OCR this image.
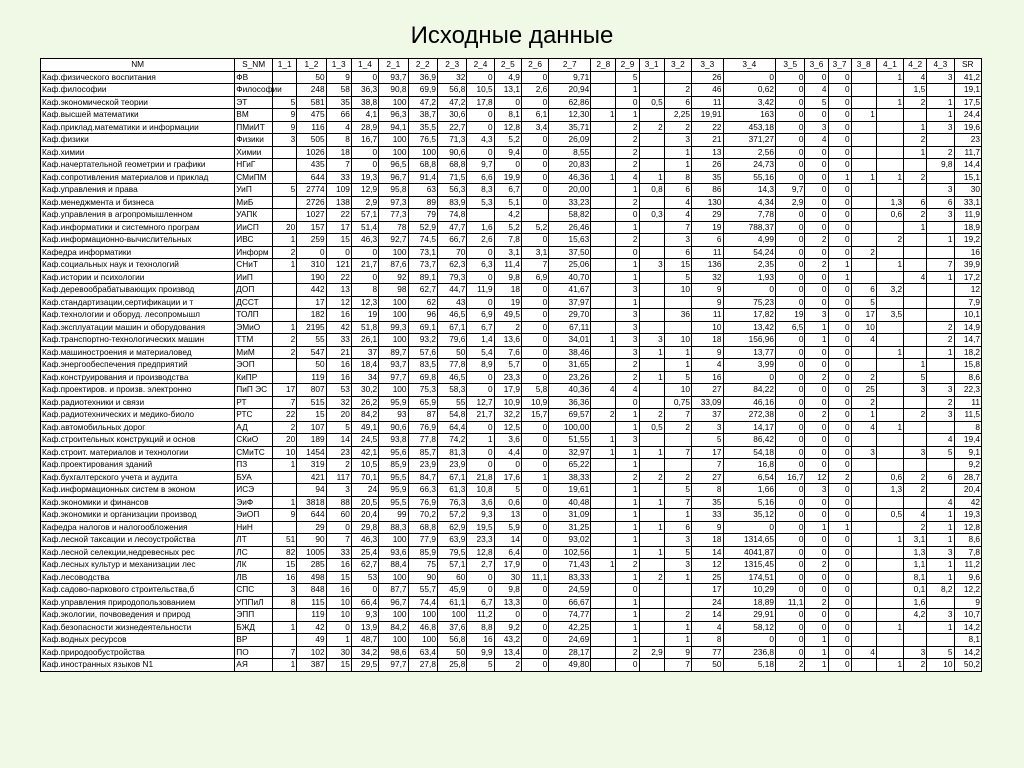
Исходные данные
NM	S_NM	1_1	1_2	1_3	1_4	2_1	2_2	2_3	2_4	2_5	2_6	2_7	2_8	2_9	3_1	3_2	3_3	3_4	3_5	3_6	3_7	3_8	4_1	4_2	4_3	SR
Каф.физического воспитания	ФВ		50	9	0	93,7	36,9	32	0	4,9	0	9,71		5			26	0	0	0	0		1	4	3	41,2
Каф.философии	Философии		248	58	36,3	90,8	69,9	56,8	10,5	13,1	2,6	20,94		1		2	46	0,62	0	4	0			1,5		19,1
Каф.экономической теории	ЭТ	5	581	35	38,8	100	47,2	47,2	17,8	0	0	62,86		0	0,5	6	11	3,42	0	5	0		1	2	1	17,5
Каф.высшей математики	ВМ	9	475	66	4,1	96,3	38,7	30,6	0	8,1	6,1	12,30	1	1		2,25	19,91	163	0	0	0	1			1	24,4
Каф.приклад.математики и информации	ПМиИТ	9	116	4	28,9	94,1	35,5	22,7	0	12,8	3,4	35,71		2	2	2	22	453,18	0	3	0			1	3	19,6
Каф.физики	Физики	3	505	8	16,7	100	76,5	71,3	4,3	5,2	0	26,09		2		3	21	371,27	0	4	0			2		23
Каф.химии	Химии		1026	18	0	100	100	90,6	0	9,4	0	8,55		2		1	13	2,56	0	0	0			1	2	11,7
Каф.начертательной геометрии и графики	НГиГ		435	7	0	96,5	68,8	68,8	9,7	0	0	20,83		2		1	26	24,73	0	0	0				9,8	14,4
Каф.сопротивления материалов и приклад	СМиПМ		644	33	19,3	96,7	91,4	71,5	6,6	19,9	0	46,36	1	4	1	8	35	55,16	0	0	1	1	1	2		15,1
Каф.управления и права	УиП	5	2774	109	12,9	95,8	63	56,3	8,3	6,7	0	20,00		1	0,8	6	86	14,3	9,7	0	0				3	30
Каф.менеджмента и бизнеса	МиБ		2726	138	2,9	97,3	89	83,9	5,3	5,1	0	33,23		2		4	130	4,34	2,9	0	0		1,3	6	6	33,1
Каф.управления в агропромышленном	УАПК		1027	22	57,1	77,3	79	74,8		4,2		58,82		0	0,3	4	29	7,78	0	0	0		0,6	2	3	11,9
Каф.информатики и системного програм	ИиСП	20	157	17	51,4	78	52,9	47,7	1,6	5,2	5,2	26,46		1		7	19	788,37	0	0	0			1		18,9
Каф.информационно-вычислительных	ИВС	1	259	15	46,3	92,7	74,5	66,7	2,6	7,8	0	15,63		2		3	6	4,99	0	2	0		2		1	19,2
Кафедра информатики	Информ	2	0	0	0	100	73,1	70	0	3,1	3,1	37,50		0		6	11	54,24	0	0	0	2				16
Каф.социальных наук и технологий	СНиТ	1	310	121	21,7	87,6	73,7	62,3	6,3	11,4	7	25,06		1	3	15	136	2,35	0	2	1		1		7	39,9
Каф.истории и психологии	ИиП		190	22	0	92	89,1	79,3	0	9,8	6,9	40,70		1		5	32	1,93	0	0	1			4	1	17,2
Каф.деревообрабатывающих производ	ДОП		442	13	8	98	62,7	44,7	11,9	18	0	41,67		3		10	9	0	0	0	0	6	3,2			12
Каф.стандартизации,сертификации и т	ДССТ		17	12	12,3	100	62	43	0	19	0	37,97		1			9	75,23	0	0	0	5				7,9
Каф.технологии и оборуд. лесопромышл	ТОЛП		182	16	19	100	96	46,5	6,9	49,5	0	29,70		3		36	11	17,82	19	3	0	17	3,5			10,1
Каф.эксплуатации машин и оборудования	ЭМиО	1	2195	42	51,8	99,3	69,1	67,1	6,7	2	0	67,11		3			10	13,42	6,5	1	0	10			2	14,9
Каф.транспортно-технологических машин	ТТМ	2	55	33	26,1	100	93,2	79,6	1,4	13,6	0	34,01	1	3	3	10	18	156,96	0	1	0	4			2	14,7
Каф.машиностроения и материаловед	МиМ	2	547	21	37	89,7	57,6	50	5,4	7,6	0	38,46		3	1	1	9	13,77	0	0	0		1		1	18,2
Каф.энергообеспечения предприятий	ЭОП		50	16	18,4	93,7	83,5	77,8	8,9	5,7	0	31,65		2		1	4	3,99	0	0	0			1		15,8
Каф.конструирования и производства	КиПР		119	16	34	97,7	69,8	46,5	0	23,3	0	23,26		2	1	5	16	0	0	2	0	2		5		8,6
Каф.проектиров. и произв. электронно	ПиП ЭС	17	807	53	30,2	100	75,3	58,3	0	17,9	5,8	40,36	4	4		10	27	84,22	0	0	0	25		3	3	22,3
Каф.радиотехники и связи	РТ	7	515	32	26,2	95,9	65,9	55	12,7	10,9	10,9	36,36		0		0,75	33,09	46,16	0	0	0	2			2	11
Каф.радиотехнических и медико-биоло	РТС	22	15	20	84,2	93	87	54,8	21,7	32,2	15,7	69,57	2	1	2	7	37	272,38	0	2	0	1		2	3	11,5
Каф.автомобильных дорог	АД	2	107	5	49,1	90,6	76,9	64,4	0	12,5	0	100,00		1	0,5	2	3	14,17	0	0	0	4	1			8
Каф.строительных конструкций и основ	СКиО	20	189	14	24,5	93,8	77,8	74,2	1	3,6	0	51,55	1	3			5	86,42	0	0	0				4	19,4
Каф.строит. материалов и технологии	СМиТС	10	1454	23	42,1	95,6	85,7	81,3	0	4,4	0	32,97	1	1	1	7	17	54,18	0	0	0	3		3	5	9,1
Каф.проектирования зданий	ПЗ	1	319	2	10,5	85,9	23,9	23,9	0	0	0	65,22		1			7	16,8	0	0	0					9,2
Каф.бухгалтерского учета и аудита	БУА		421	117	70,1	95,5	84,7	67,1	21,8	17,6	1	38,33		2	2	2	27	6,54	16,7	12	2		0,6	2	6	28,7
Каф.информационных систем в эконом	ИСЭ		94	3	24	95,9	66,3	61,3	10,8	5	0	19,61		1		5	8	1,66	0	3	0		1,3	2		20,4
Каф.экономики и финансов	ЭиФ	1	3818	88	20,5	95,5	76,9	76,3	3,6	0,6	0	40,48		1	1	7	35	5,16	0	0	0				4	42
Каф.экономики и организации производ	ЭиОП	9	644	60	20,4	99	70,2	57,2	9,3	13	0	31,09		1		1	33	35,12	0	0	0		0,5	4	1	19,3
Кафедра налогов и налогообложения	НиН		29	0	29,8	88,3	68,8	62,9	19,5	5,9	0	31,25		1	1	6	9	0	0	1	1			2	1	12,8
Каф.лесной таксации и лесоустройства	ЛТ	51	90	7	46,3	100	77,9	63,9	23,3	14	0	93,02		1		3	18	1314,65	0	0	0		1	3,1	1	8,6
Каф.лесной селекции,недревесных рес	ЛС	82	1005	33	25,4	93,6	85,9	79,5	12,8	6,4	0	102,56		1	1	5	14	4041,87	0	0	0			1,3	3	7,8
Каф.лесных культур и механизации лес	ЛК	15	285	16	62,7	88,4	75	57,1	2,7	17,9	0	71,43	1	2		3	12	1315,45	0	2	0			1,1	1	11,2
Каф.лесоводства	ЛВ	16	498	15	53	100	90	60	0	30	11,1	83,33		1	2	1	25	174,51	0	0	0			8,1	1	9,6
Каф.садово-паркового строительства,б	СПС	3	848	16	0	87,7	55,7	45,9	0	9,8	0	24,59		0			17	10,29	0	0	0			0,1	8,2	12,2
Каф.управления природопользованием	УППиЛ	8	115	10	66,4	96,7	74,4	61,1	6,7	13,3	0	66,67		1			24	18,89	11,1	2	0			1,6		9
Каф.экологии, почвоведения и природ	ЭПП		119	10	9,3	100	100	100	11,2	0	0	74,77		1		2	14	29,91	0	0	0			4,2	3	10,7
Каф.безопасности жизнедеятельности	БЖД	1	42	0	13,9	84,2	46,8	37,6	8,8	9,2	0	42,25		1		1	4	58,12	0	0	0		1		1	14,2
Каф.водных ресурсов	ВР		49	1	48,7	100	100	56,8	16	43,2	0	24,69		1		1	8	0	0	1	0					8,1
Каф.природообустройства	ПО	7	102	30	34,2	98,6	63,4	50	9,9	13,4	0	28,17		2	2,9	9	77	236,8	0	1	0	4		3	5	14,2
Каф.иностранных языков N1	АЯ	1	387	15	29,5	97,7	27,8	25,8	5	2	0	49,80		0		7	50	5,18	2	1	0		1	2	10	50,2
